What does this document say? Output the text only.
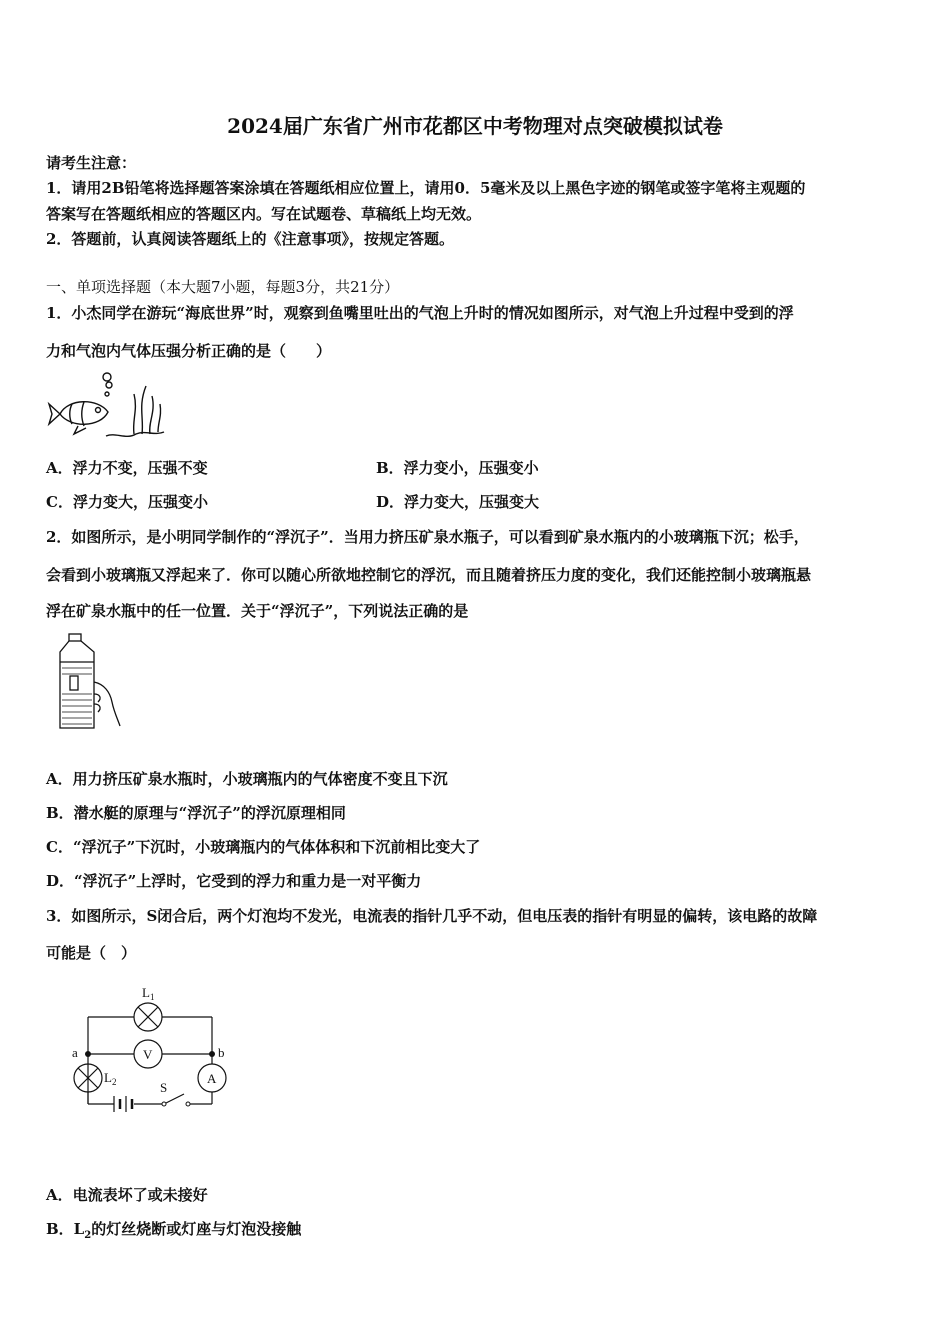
2024届广东省广州市花都区中考物理对点突破模拟试卷
请考生注意：
1．请用2B铅笔将选择题答案涂填在答题纸相应位置上，请用0．5毫米及以上黑色字迹的钢笔或签字笔将主观题的
答案写在答题纸相应的答题区内。写在试题卷、草稿纸上均无效。
2．答题前，认真阅读答题纸上的《注意事项》，按规定答题。
一、单项选择题（本大题7小题，每题3分，共21分）
1．小杰同学在游玩“海底世界”时，观察到鱼嘴里吐出的气泡上升时的情况如图所示，对气泡上升过程中受到的浮
力和气泡内气体压强分析正确的是（　　）
A．浮力不变，压强不变	B．浮力变小，压强变小
C．浮力变大，压强变小	D．浮力变大，压强变大
2．如图所示，是小明同学制作的“浮沉子”．当用力挤压矿泉水瓶子，可以看到矿泉水瓶内的小玻璃瓶下沉；松手，
会看到小玻璃瓶又浮起来了．你可以随心所欲地控制它的浮沉，而且随着挤压力度的变化，我们还能控制小玻璃瓶悬
浮在矿泉水瓶中的任一位置．关于“浮沉子”，下列说法正确的是
A．用力挤压矿泉水瓶时，小玻璃瓶内的气体密度不变且下沉
B．潜水艇的原理与“浮沉子”的浮沉原理相同
C．“浮沉子”下沉时，小玻璃瓶内的气体体积和下沉前相比变大了
D．“浮沉子”上浮时，它受到的浮力和重力是一对平衡力
3．如图所示，S闭合后，两个灯泡均不发光，电流表的指针几乎不动，但电压表的指针有明显的偏转，该电路的故障
可能是（　）
$L_1$
a	b
V
A
$L_2$	S
A．电流表坏了或未接好
B．$L_2$的灯丝烧断或灯座与灯泡没接触
